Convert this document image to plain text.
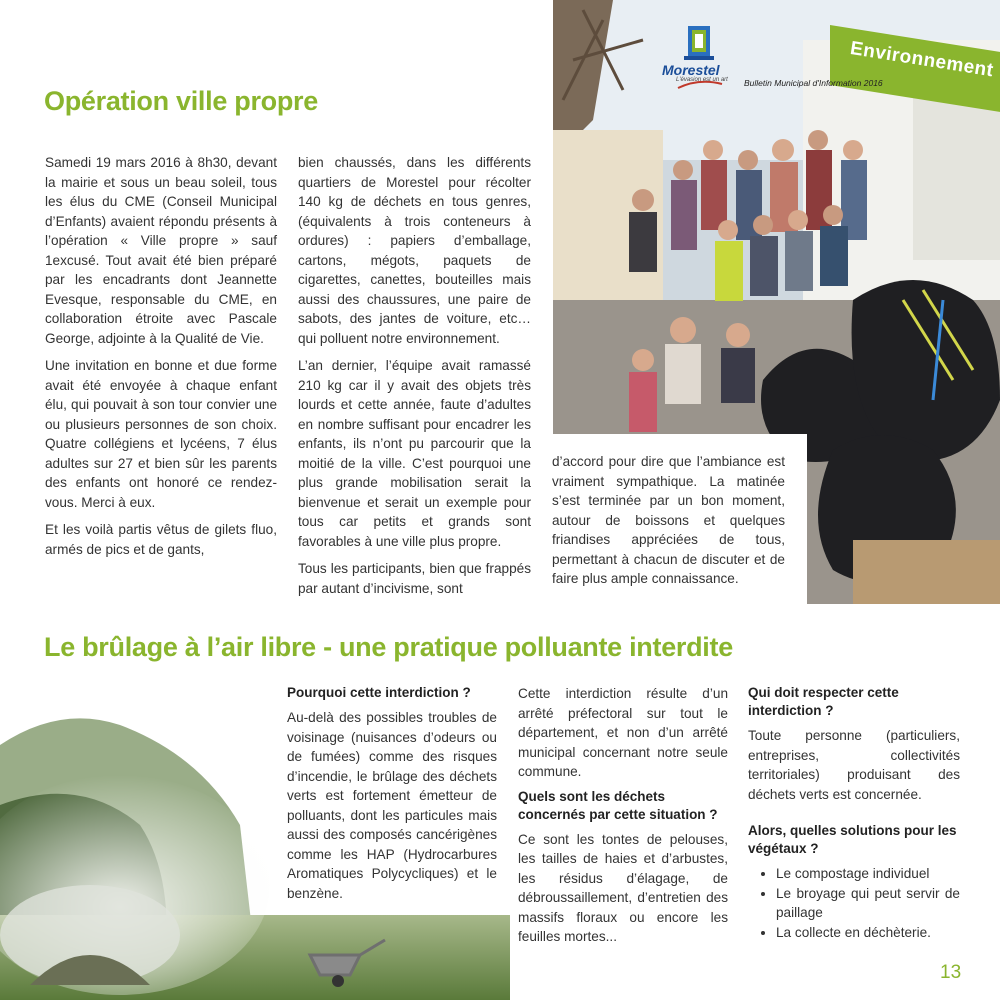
Environnement
Morestel
L'évasion est un art Bulletin Municipal d'Information 2016
Opération ville propre

Samedi 19 mars 2016 à 8h30, devant la mairie et sous un beau soleil, tous les élus du CME (Conseil Municipal d’Enfants) avaient répondu présents à l’opération « Ville propre » sauf 1excusé. Tout avait été bien préparé par les encadrants dont Jeannette Evesque, responsable du CME, en collaboration étroite avec Pascale George, adjointe à la Qualité de Vie.

Une invitation en bonne et due forme avait été envoyée à chaque enfant élu, qui pouvait à son tour convier une ou plusieurs personnes de son choix. Quatre collégiens et lycéens, 7 élus adultes sur 27 et bien sûr les parents des enfants ont honoré ce rendez-vous. Merci à eux.

Et les voilà partis vêtus de gilets fluo, armés de pics et de gants,

bien chaussés, dans les différents quartiers de Morestel pour récolter 140 kg de déchets en tous genres, (équivalents à trois conteneurs à ordures) : papiers d’emballage, cartons, mégots, paquets de cigarettes, canettes, bouteilles mais aussi des chaussures, une paire de sabots, des jantes de voiture, etc… qui polluent notre environnement.

L’an dernier, l’équipe avait ramassé 210 kg car il y avait des objets très lourds et cette année, faute d’adultes en nombre suffisant pour encadrer les enfants, ils n’ont pu parcourir que la moitié de la ville. C’est pourquoi une plus grande mobilisation serait la bienvenue et serait un exemple pour tous car petits et grands sont favorables à une ville plus propre.

Tous les participants, bien que frappés par autant d’incivisme, sont

d’accord pour dire que l’ambiance est vraiment sympathique. La matinée s’est terminée par un bon moment, autour de boissons et quelques friandises appréciées de tous, permettant à chacun de discuter et de faire plus ample connaissance.

Le brûlage à l’air libre - une pratique polluante interdite

Pourquoi cette interdiction ?

Au-delà des possibles troubles de voisinage (nuisances d’odeurs ou de fumées) comme des risques d’incendie, le brûlage des déchets verts est fortement émetteur de polluants, dont les particules mais aussi des composés cancérigènes comme les HAP (Hydrocarbures Aromatiques Polycycliques) et le benzène.

Cette interdiction résulte d’un arrêté préfectoral sur tout le département, et non d’un arrêté municipal concernant notre seule commune.

Quels sont les déchets concernés par cette situation ?

Ce sont les tontes de pelouses, les tailles de haies et d’arbustes, les résidus d’élagage, de débroussaillement, d’entretien des massifs floraux ou encore les feuilles mortes...

Qui doit respecter cette interdiction ?

Toute personne (particuliers, entreprises, collectivités territoriales) produisant des déchets verts est concernée.

Alors, quelles solutions pour les végétaux ?

• Le compostage individuel
• Le broyage qui peut servir de paillage
• La collecte en déchèterie.
13
